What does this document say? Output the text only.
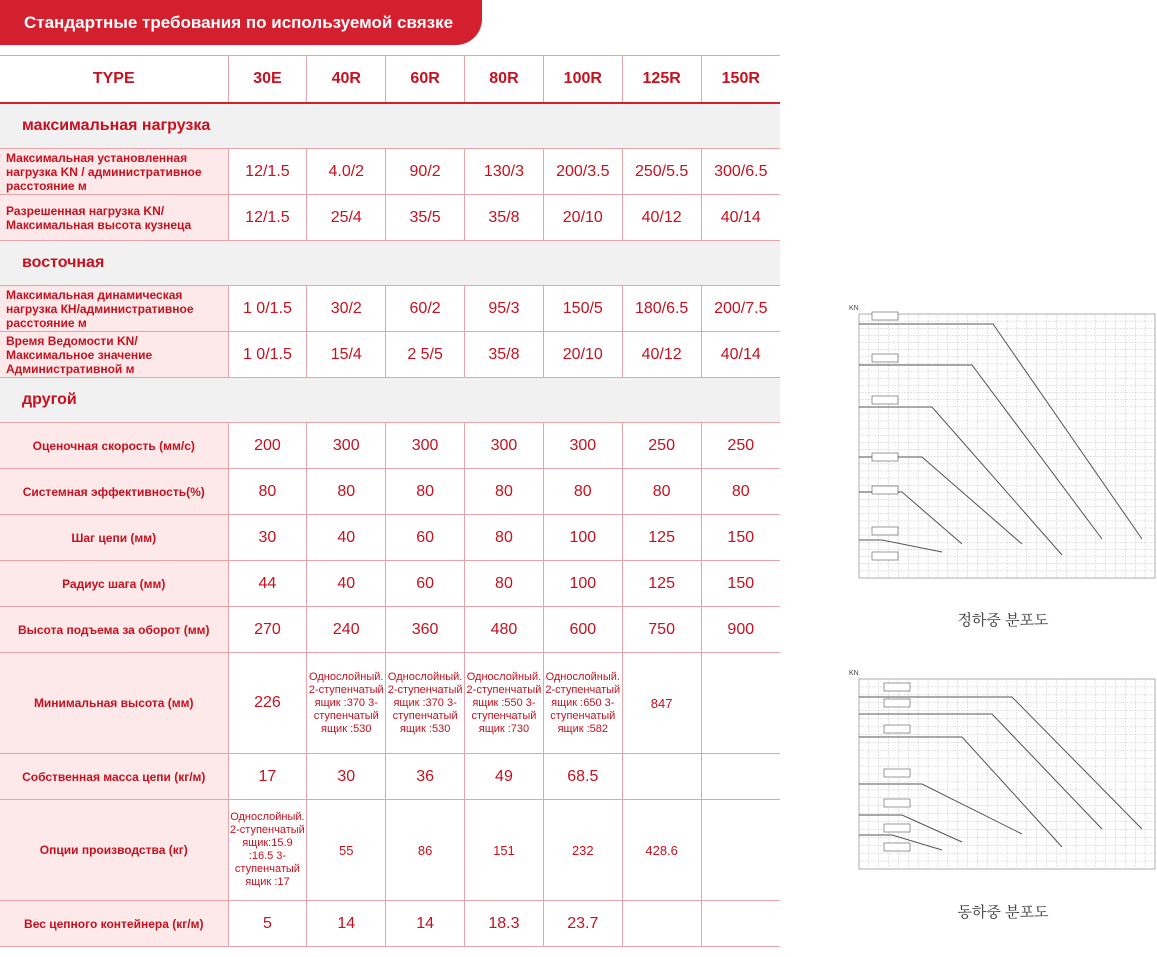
Стандартные требования по используемой связке
TYPE	30E	40R	60R	80R	100R	125R	150R
максимальная нагрузка							
Максимальная установленная нагрузка KN / административное расстояние м	12/1.5	4.0/2	90/2	130/3	200/3.5	250/5.5	300/6.5
Разрешенная нагрузка KN/ Максимальная высота кузнеца	12/1.5	25/4	35/5	35/8	20/10	40/12	40/14
восточная							
Максимальная динамическая нагрузка КН/административное расстояние м	1 0/1.5	30/2	60/2	95/3	150/5	180/6.5	200/7.5
Время Ведомости KN/ Максимальное значение Административной м	1 0/1.5	15/4	2 5/5	35/8	20/10	40/12	40/14
другой							
Оценочная скорость (мм/с)	200	300	300	300	300	250	250
Системная эффективность(%)	80	80	80	80	80	80	80
Шаг цепи (мм)	30	40	60	80	100	125	150
Радиус шага (мм)	44	40	60	80	100	125	150
Высота подъема за оборот (мм)	270	240	360	480	600	750	900
Минимальная высота (мм)	226	Однослойный. 2-ступенчатый ящик :370 3-ступенчатый ящик :530	Однослойный. 2-ступенчатый ящик :370 3-ступенчатый ящик :530	Однослойный. 2-ступенчатый ящик :550 3-ступенчатый ящик :730	Однослойный. 2-ступенчатый ящик :650 3-ступенчатый ящик :582	847	
Собственная масса цепи (кг/м)	17	30	36	49	68.5		
Опции производства (кг)	Однослойный. 2-ступенчатый ящик:15.9 :16.5 3-ступенчатый ящик :17	55	86	151	232	428.6	
Вес цепного контейнера (кг/м)	5	14	14	18.3	23.7		
KN
정하중 분포도
KN
동하중 분포도
